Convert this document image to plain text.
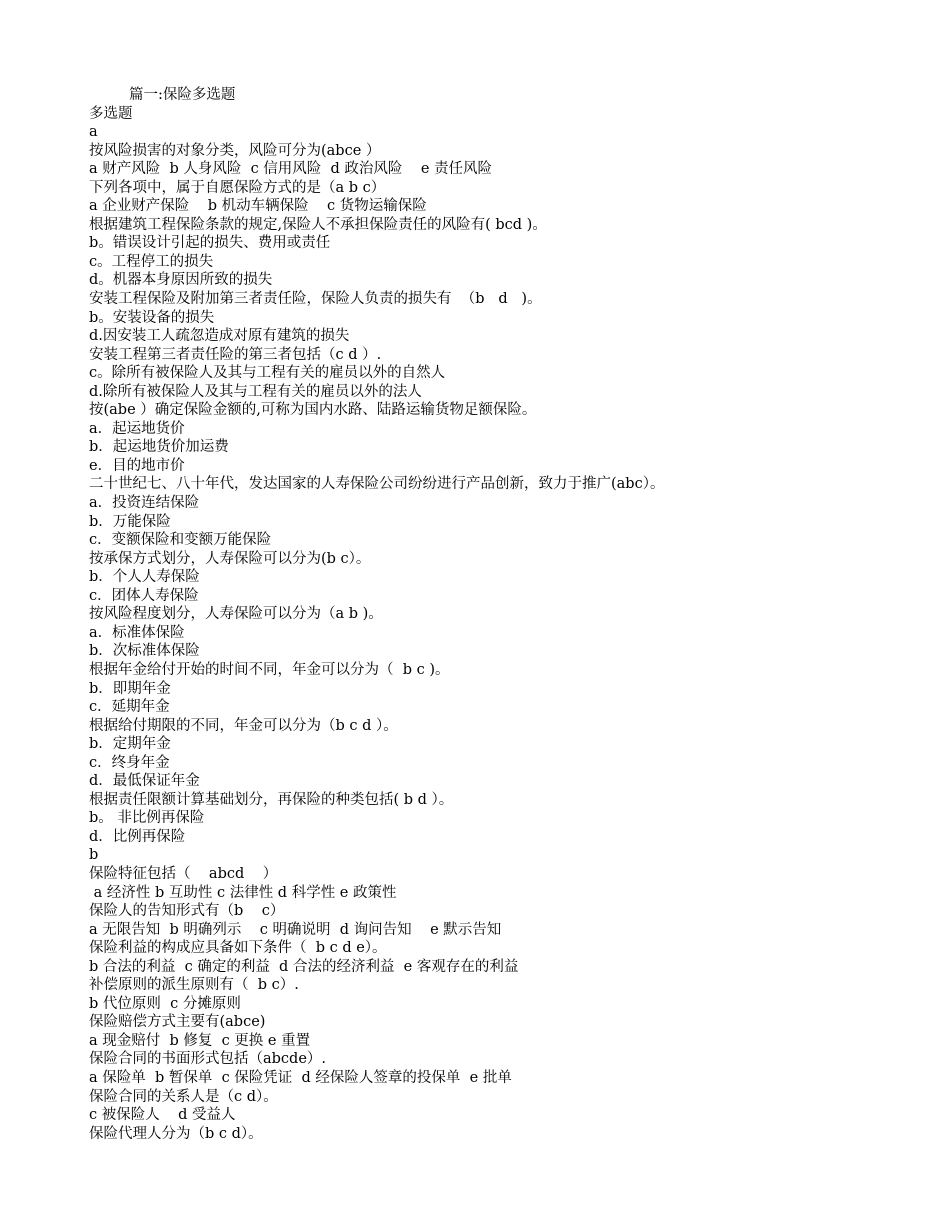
篇一:保险多选题
多选题
a
按风险损害的对象分类，风险可分为(abce ）
a 财产风险  b 人身风险  c 信用风险  d 政治风险    e 责任风险
下列各项中，属于自愿保险方式的是（a b c）
a 企业财产保险    b 机动车辆保险    c 货物运输保险
根据建筑工程保险条款的规定,保险人不承担保险责任的风险有( bcd )。
b。错误设计引起的损失、费用或责任
c。工程停工的损失
d。机器本身原因所致的损失
安装工程保险及附加第三者责任险，保险人负责的损失有  （b   d   )。
b。安装设备的损失
d.因安装工人疏忽造成对原有建筑的损失
安装工程第三者责任险的第三者包括（c d ）.
c。除所有被保险人及其与工程有关的雇员以外的自然人
d.除所有被保险人及其与工程有关的雇员以外的法人
按(abe ）确定保险金额的,可称为国内水路、陆路运输货物足额保险。
a．起运地货价
b．起运地货价加运费
e．目的地市价
二十世纪七、八十年代，发达国家的人寿保险公司纷纷进行产品创新，致力于推广(abc）。
a．投资连结保险
b．万能保险
c．变额保险和变额万能保险
按承保方式划分，人寿保险可以分为(b c）。
b．个人人寿保险
c．团体人寿保险
按风险程度划分，人寿保险可以分为（a b )。
a．标准体保险
b．次标准体保险
根据年金给付开始的时间不同，年金可以分为（  b c )。
b．即期年金
c．延期年金
根据给付期限的不同，年金可以分为（b c d ）。
b．定期年金
c．终身年金
d．最低保证年金
根据责任限额计算基础划分，再保险的种类包括( b d ）。
b。 非比例再保险
d．比例再保险
b
保险特征包括（    abcd    ）
a 经济性 b 互助性 c 法律性 d 科学性 e 政策性
保险人的告知形式有（b    c）
a 无限告知  b 明确列示    c 明确说明  d 询问告知    e 默示告知
保险利益的构成应具备如下条件（  b c d e）。
b 合法的利益  c 确定的利益  d 合法的经济利益  e 客观存在的利益
补偿原则的派生原则有（  b c）.
b 代位原则  c 分摊原则
保险赔偿方式主要有(abce)
a 现金赔付  b 修复  c 更换 e 重置
保险合同的书面形式包括（abcde）.
a 保险单  b 暂保单  c 保险凭证  d 经保险人签章的投保单  e 批单
保险合同的关系人是（c d）。
c 被保险人    d 受益人
保险代理人分为（b c d）。
